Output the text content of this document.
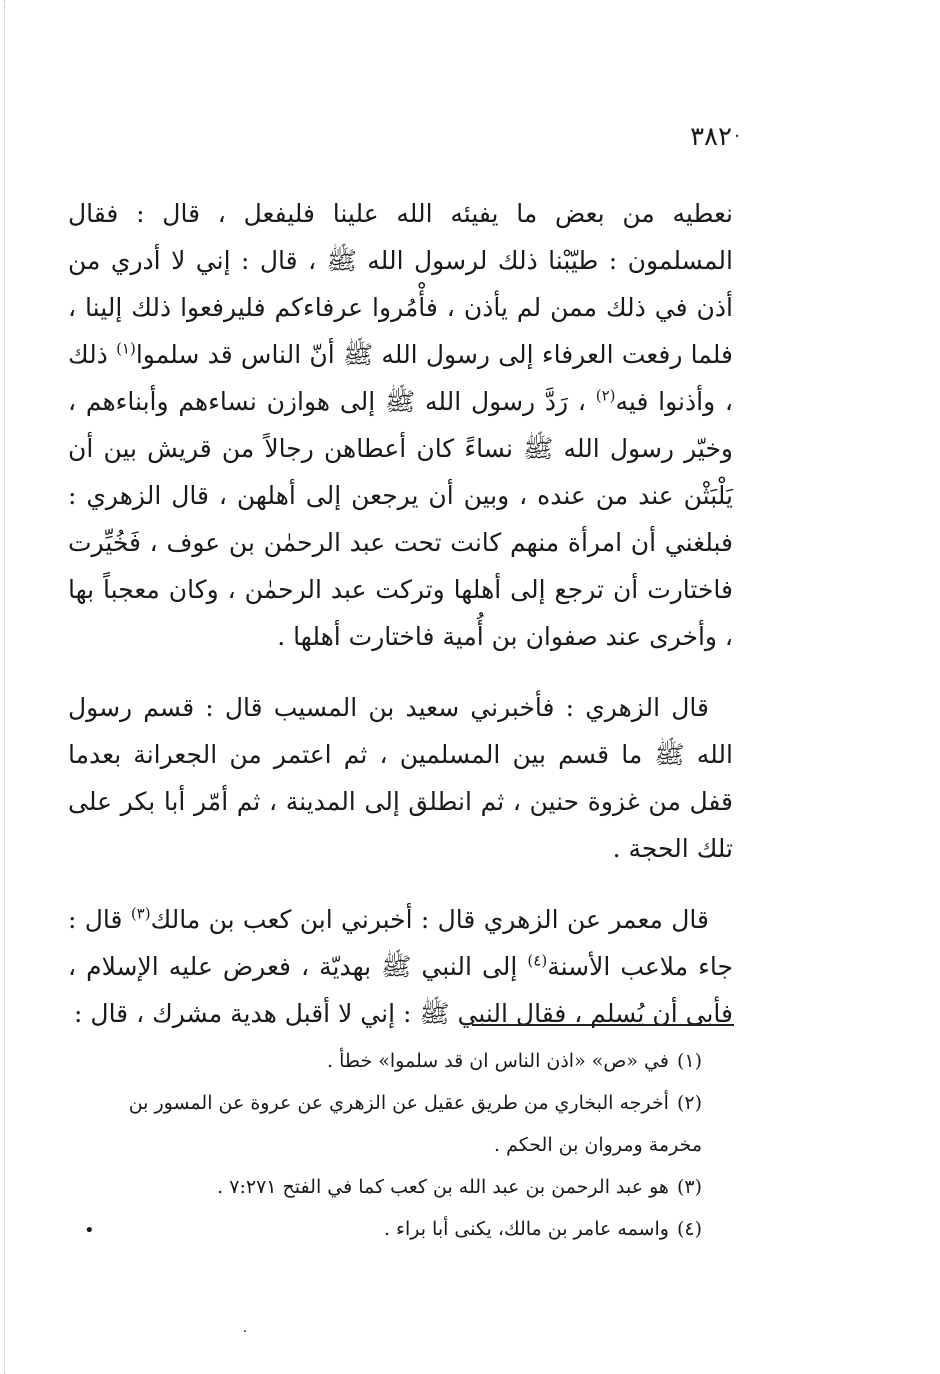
٣٨٢ ·

نعطيه من بعض ما يفيئه الله علينا فليفعل ، قال : فقال المسلمون : طيّبْنا ذلك لرسول الله ﷺ ، قال : إني لا أدري من أذن في ذلك ممن لم يأذن ، فأْمُروا عرفاءكم فليرفعوا ذلك إلينا ، فلما رفعت العرفاء إلى رسول الله ﷺ أنّ الناس قد سلموا$^{(١)}$ ذلك ، وأذنوا فيه$^{(٢)}$ ، رَدَّ رسول الله ﷺ إلى هوازن نساءهم وأبناءهم ، وخيّر رسول الله ﷺ نساءً كان أعطاهن رجالاً من قريش بين أن يَلْبَثْن عند من عنده ، وبين أن يرجعن إلى أهلهن ، قال الزهري : فبلغني أن امرأة منهم كانت تحت عبد الرحمٰن بن عوف ، فَخُيِّرت فاختارت أن ترجع إلى أهلها وتركت عبد الرحمٰن ، وكان معجباً بها ، وأخرى عند صفوان بن أُمية فاختارت أهلها .

قال الزهري : فأخبرني سعيد بن المسيب قال : قسم رسول الله ﷺ ما قسم بين المسلمين ، ثم اعتمر من الجعرانة بعدما قفل من غزوة حنين ، ثم انطلق إلى المدينة ، ثم أمّر أبا بكر على تلك الحجة .

قال معمر عن الزهري قال : أخبرني ابن كعب بن مالك$^{(٣)}$ قال : جاء ملاعب الأسنة$^{(٤)}$ إلى النبي ﷺ بهديّة ، فعرض عليه الإسلام ، فأبى أن يُسلم ، فقال النبي ﷺ : إني لا أقبل هدية مشرك ، قال :

(١)في «ص» «اذن الناس ان قد سلموا» خطأ .

(٢)أخرجه البخاري من طريق عقيل عن الزهري عن عروة عن المسور بن مخرمة ومروان بن الحكم .

(٣)هو عبد الرحمن بن عبد الله بن كعب كما في الفتح ٧:٢٧١ .

(٤)واسمه عامر بن مالك، يكنى أبا براء .

•
